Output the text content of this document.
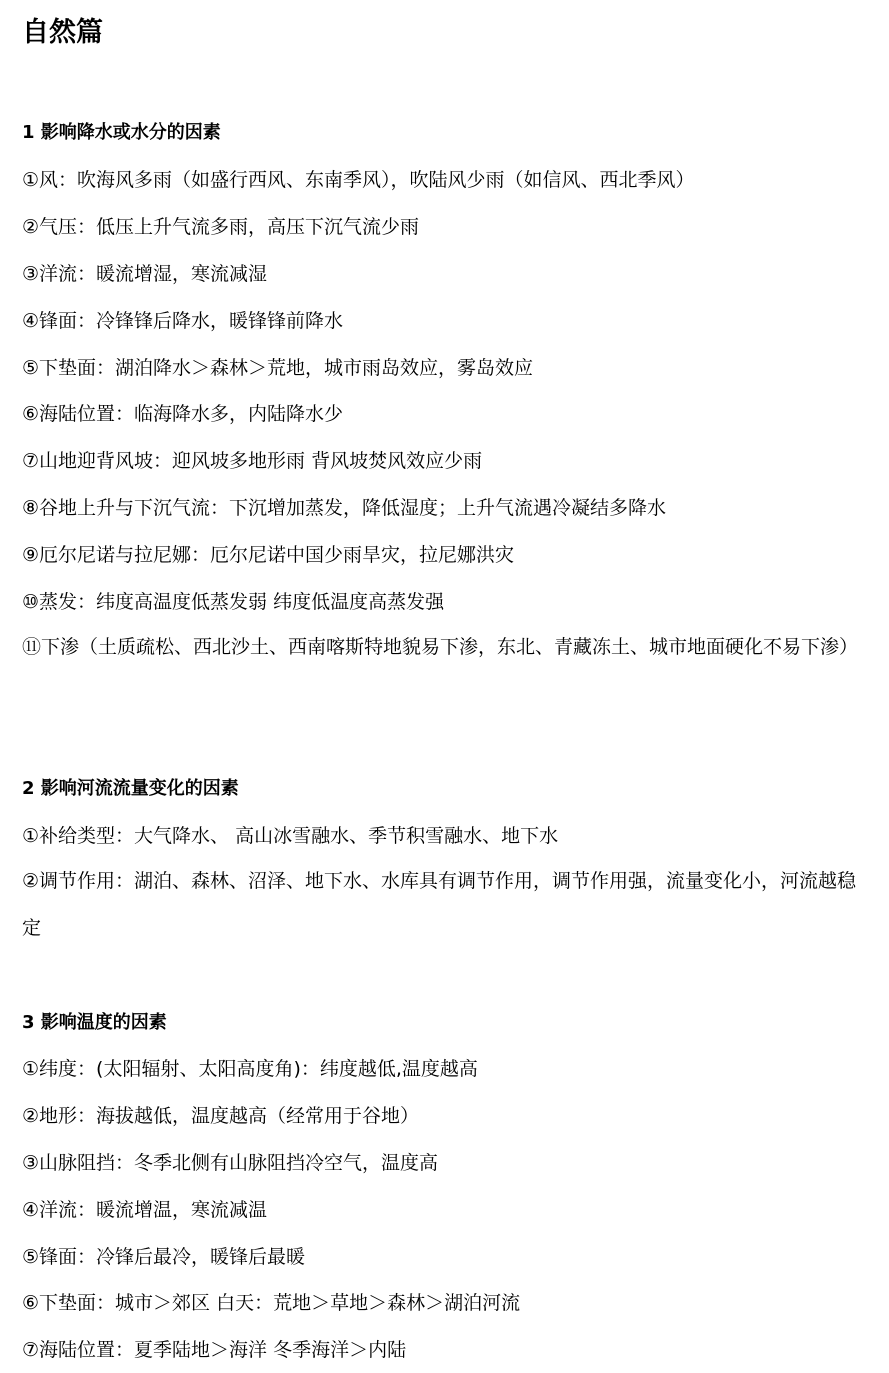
自然篇
1 影响降水或水分的因素
①风：吹海风多雨（如盛行西风、东南季风），吹陆风少雨（如信风、西北季风）
②气压：低压上升气流多雨，高压下沉气流少雨
③洋流：暖流增湿，寒流减湿
④锋面：冷锋锋后降水，暖锋锋前降水
⑤下垫面：湖泊降水＞森林＞荒地，城市雨岛效应，雾岛效应
⑥海陆位置：临海降水多，内陆降水少
⑦山地迎背风坡：迎风坡多地形雨 背风坡焚风效应少雨
⑧谷地上升与下沉气流：下沉增加蒸发，降低湿度；上升气流遇冷凝结多降水
⑨厄尔尼诺与拉尼娜：厄尔尼诺中国少雨旱灾，拉尼娜洪灾
⑩蒸发：纬度高温度低蒸发弱 纬度低温度高蒸发强
⑪下渗（土质疏松、西北沙土、西南喀斯特地貌易下渗，东北、青藏冻土、城市地面硬化不易下渗）
2 影响河流流量变化的因素
①补给类型：大气降水、 高山冰雪融水、季节积雪融水、地下水
②调节作用：湖泊、森林、沼泽、地下水、水库具有调节作用，调节作用强，流量变化小，河流越稳定
3 影响温度的因素
①纬度：(太阳辐射、太阳高度角)：纬度越低,温度越高
②地形：海拔越低，温度越高（经常用于谷地）
③山脉阻挡：冬季北侧有山脉阻挡冷空气，温度高
④洋流：暖流增温，寒流减温
⑤锋面：冷锋后最冷，暖锋后最暖
⑥下垫面：城市＞郊区 白天：荒地＞草地＞森林＞湖泊河流
⑦海陆位置：夏季陆地＞海洋 冬季海洋＞内陆
